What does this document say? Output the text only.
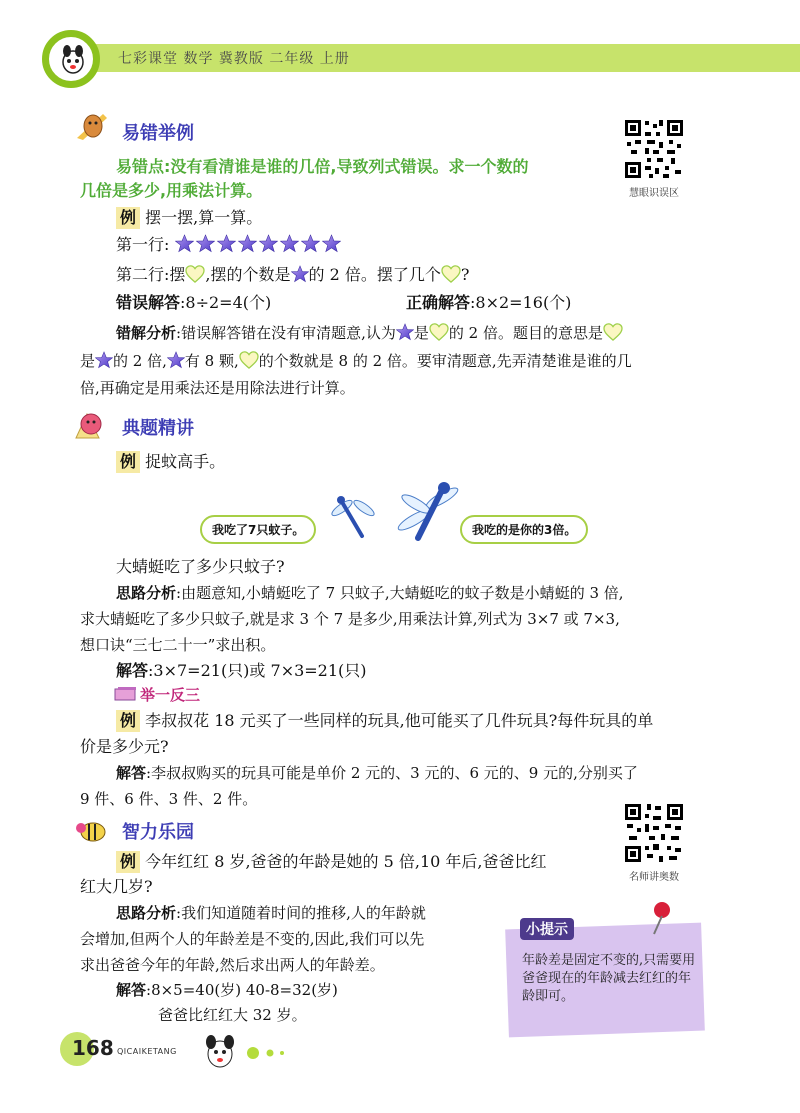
七彩课堂 数学 冀教版 二年级 上册
易错举例
慧眼识误区
易错点:没有看清谁是谁的几倍,导致列式错误。求一个数的
几倍是多少,用乘法计算。
例 摆一摆,算一算。
第一行:
第二行:摆 ,摆的个数是 的 2 倍。摆了几个 ?
错误解答:8÷2=4(个)	正确解答:8×2=16(个)
错解分析:错误解答错在没有审清题意,认为 是 的 2 倍。题目的意思是
是 的 2 倍, 有 8 颗, 的个数就是 8 的 2 倍。要审清题意,先弄清楚谁是谁的几
倍,再确定是用乘法还是用除法进行计算。
典题精讲
例 捉蚊高手。
我吃了7只蚊子。	我吃的是你的3倍。
大蜻蜓吃了多少只蚊子?
思路分析:由题意知,小蜻蜓吃了 7 只蚊子,大蜻蜓吃的蚊子数是小蜻蜓的 3 倍,
求大蜻蜓吃了多少只蚊子,就是求 3 个 7 是多少,用乘法计算,列式为 3×7 或 7×3,
想口诀“三七二十一”求出积。
解答:3×7=21(只)或 7×3=21(只)
举一反三
例 李叔叔花 18 元买了一些同样的玩具,他可能买了几件玩具?每件玩具的单
价是多少元?
解答:李叔叔购买的玩具可能是单价 2 元的、3 元的、6 元的、9 元的,分别买了
9 件、6 件、3 件、2 件。
智力乐园
名师讲奥数
例 今年红红 8 岁,爸爸的年龄是她的 5 倍,10 年后,爸爸比红
红大几岁?
思路分析:我们知道随着时间的推移,人的年龄就
会增加,但两个人的年龄差是不变的,因此,我们可以先
求出爸爸今年的年龄,然后求出两人的年龄差。
解答:8×5=40(岁) 40-8=32(岁)
爸爸比红红大 32 岁。
小提示
年龄差是固定不变的,只需要用爸爸现在的年龄减去红红的年龄即可。
168 QICAIKETANG
